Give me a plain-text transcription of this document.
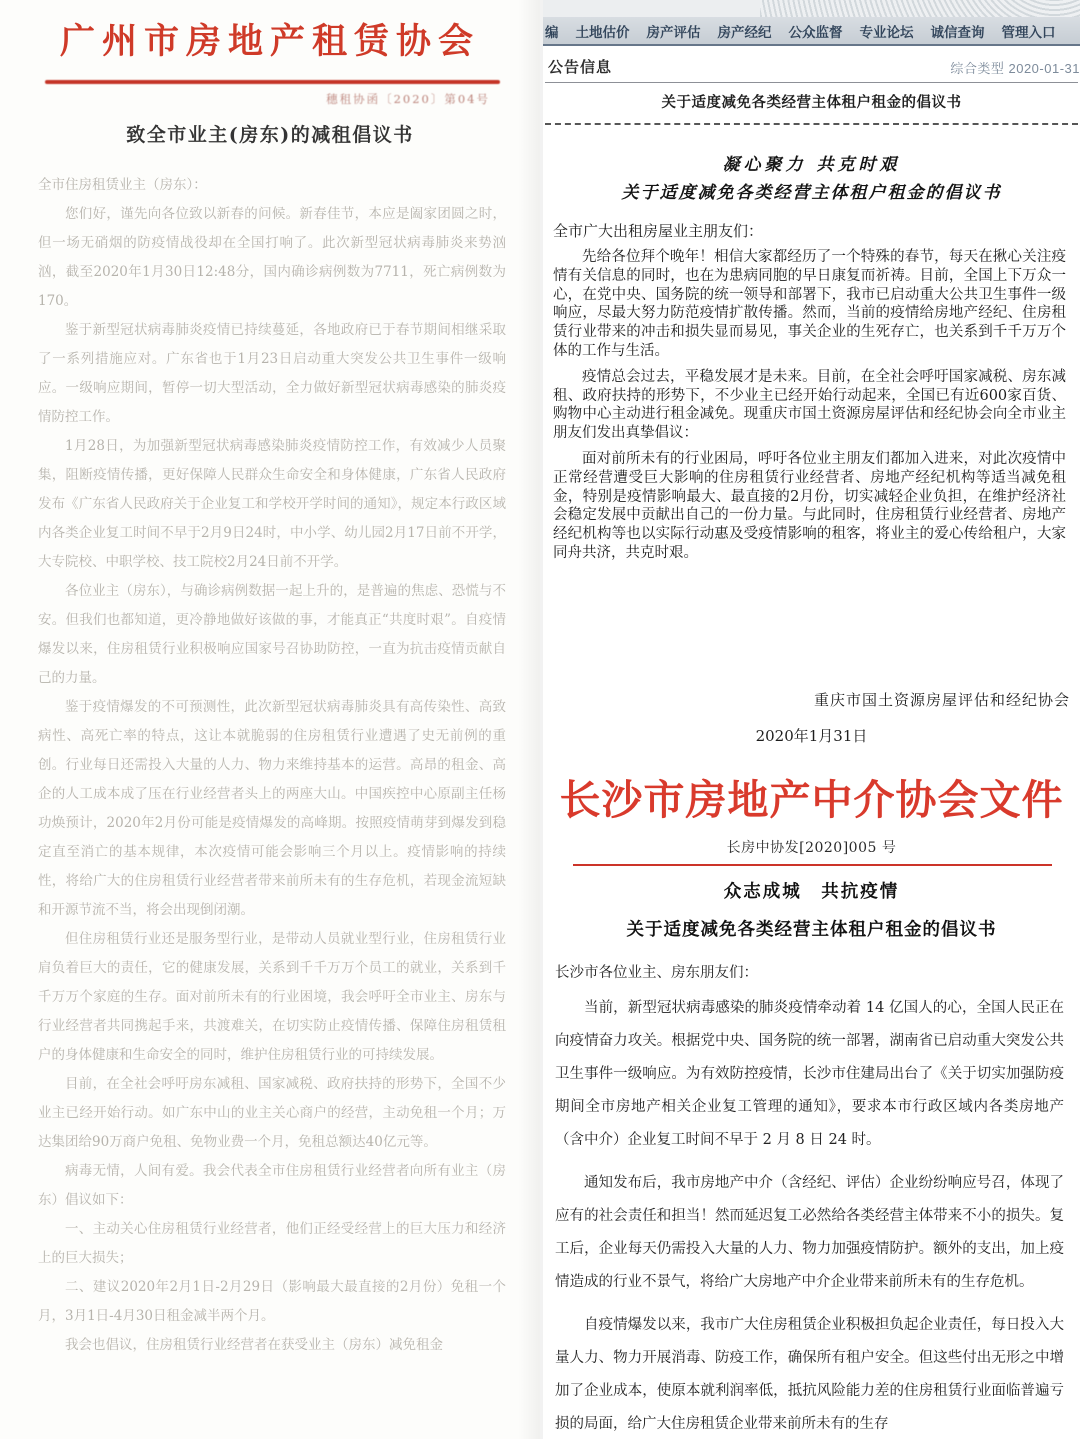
广州市房地产租赁协会
穗租协函〔2020〕第04号
致全市业主(房东)的减租倡议书

全市住房租赁业主（房东）：

您们好，谨先向各位致以新春的问候。新春佳节，本应是阖家团圆之时，但一场无硝烟的防疫情战役却在全国打响了。此次新型冠状病毒肺炎来势汹汹，截至2020年1月30日12:48分，国内确诊病例数为7711，死亡病例数为170。

鉴于新型冠状病毒肺炎疫情已持续蔓延，各地政府已于春节期间相继采取了一系列措施应对。广东省也于1月23日启动重大突发公共卫生事件一级响应。一级响应期间，暂停一切大型活动，全力做好新型冠状病毒感染的肺炎疫情防控工作。

1月28日，为加强新型冠状病毒感染肺炎疫情防控工作，有效减少人员聚集，阻断疫情传播，更好保障人民群众生命安全和身体健康，广东省人民政府发布《广东省人民政府关于企业复工和学校开学时间的通知》，规定本行政区域内各类企业复工时间不早于2月9日24时，中小学、幼儿园2月17日前不开学，大专院校、中职学校、技工院校2月24日前不开学。

各位业主（房东），与确诊病例数据一起上升的，是普遍的焦虑、恐慌与不安。但我们也都知道，更冷静地做好该做的事，才能真正“共度时艰”。自疫情爆发以来，住房租赁行业积极响应国家号召协助防控，一直为抗击疫情贡献自己的力量。

鉴于疫情爆发的不可预测性，此次新型冠状病毒肺炎具有高传染性、高致病性、高死亡率的特点，这让本就脆弱的住房租赁行业遭遇了史无前例的重创。行业每日还需投入大量的人力、物力来维持基本的运营。高昂的租金、高企的人工成本成了压在行业经营者头上的两座大山。中国疾控中心原副主任杨功焕预计，2020年2月份可能是疫情爆发的高峰期。按照疫情萌芽到爆发到稳定直至消亡的基本规律，本次疫情可能会影响三个月以上。疫情影响的持续性，将给广大的住房租赁行业经营者带来前所未有的生存危机，若现金流短缺和开源节流不当，将会出现倒闭潮。

但住房租赁行业还是服务型行业，是带动人员就业型行业，住房租赁行业肩负着巨大的责任，它的健康发展，关系到千千万万个员工的就业，关系到千千万万个家庭的生存。面对前所未有的行业困境，我会呼吁全市业主、房东与行业经营者共同携起手来，共渡难关，在切实防止疫情传播、保障住房租赁租户的身体健康和生命安全的同时，维护住房租赁行业的可持续发展。

目前，在全社会呼吁房东减租、国家减税、政府扶持的形势下，全国不少业主已经开始行动。如广东中山的业主关心商户的经营，主动免租一个月；万达集团给90万商户免租、免物业费一个月，免租总额达40亿元等。

病毒无情，人间有爱。我会代表全市住房租赁行业经营者向所有业主（房东）倡议如下：

一、主动关心住房租赁行业经营者，他们正经受经营上的巨大压力和经济上的巨大损失；

二、建议2020年2月1日-2月29日（影响最大最直接的2月份）免租一个月，3月1日-4月30日租金减半两个月。

我会也倡议，住房租赁行业经营者在获受业主（房东）减免租金

编 土地估价 房产评估 房产经纪 公众监督 专业论坛 诚信查询 管理入口
公告信息	综合类型 2020-01-31
关于适度减免各类经营主体租户租金的倡议书
凝心聚力 共克时艰
关于适度减免各类经营主体租户租金的倡议书

全市广大出租房屋业主朋友们：

先给各位拜个晚年！相信大家都经历了一个特殊的春节，每天在揪心关注疫情有关信息的同时，也在为患病同胞的早日康复而祈祷。目前，全国上下万众一心，在党中央、国务院的统一领导和部署下，我市已启动重大公共卫生事件一级响应，尽最大努力防范疫情扩散传播。然而，当前的疫情给房地产经纪、住房租赁行业带来的冲击和损失显而易见，事关企业的生死存亡，也关系到千千万万个体的工作与生活。

疫情总会过去，平稳发展才是未来。目前，在全社会呼吁国家减税、房东减租、政府扶持的形势下，不少业主已经开始行动起来，全国已有近600家百货、购物中心主动进行租金减免。现重庆市国土资源房屋评估和经纪协会向全市业主朋友们发出真挚倡议：

面对前所未有的行业困局，呼吁各位业主朋友们都加入进来，对此次疫情中正常经营遭受巨大影响的住房租赁行业经营者、房地产经纪机构等适当减免租金，特别是疫情影响最大、最直接的2月份，切实减轻企业负担，在维护经济社会稳定发展中贡献出自己的一份力量。与此同时，住房租赁行业经营者、房地产经纪机构等也以实际行动惠及受疫情影响的租客，将业主的爱心传给租户，大家同舟共济，共克时艰。

重庆市国土资源房屋评估和经纪协会
2020年1月31日
长沙市房地产中介协会文件
长房中协发[2020]005 号
众志成城　共抗疫情
关于适度减免各类经营主体租户租金的倡议书

长沙市各位业主、房东朋友们：

当前，新型冠状病毒感染的肺炎疫情牵动着 14 亿国人的心，全国人民正在向疫情奋力攻关。根据党中央、国务院的统一部署，湖南省已启动重大突发公共卫生事件一级响应。为有效防控疫情，长沙市住建局出台了《关于切实加强防疫期间全市房地产相关企业复工管理的通知》，要求本市行政区域内各类房地产（含中介）企业复工时间不早于 2 月 8 日 24 时。

通知发布后，我市房地产中介（含经纪、评估）企业纷纷响应号召，体现了应有的社会责任和担当！然而延迟复工必然给各类经营主体带来不小的损失。复工后，企业每天仍需投入大量的人力、物力加强疫情防护。额外的支出，加上疫情造成的行业不景气，将给广大房地产中介企业带来前所未有的生存危机。

自疫情爆发以来，我市广大住房租赁企业积极担负起企业责任，每日投入大量人力、物力开展消毒、防疫工作，确保所有租户安全。但这些付出无形之中增加了企业成本，使原本就利润率低，抵抗风险能力差的住房租赁行业面临普遍亏损的局面，给广大住房租赁企业带来前所未有的生存
